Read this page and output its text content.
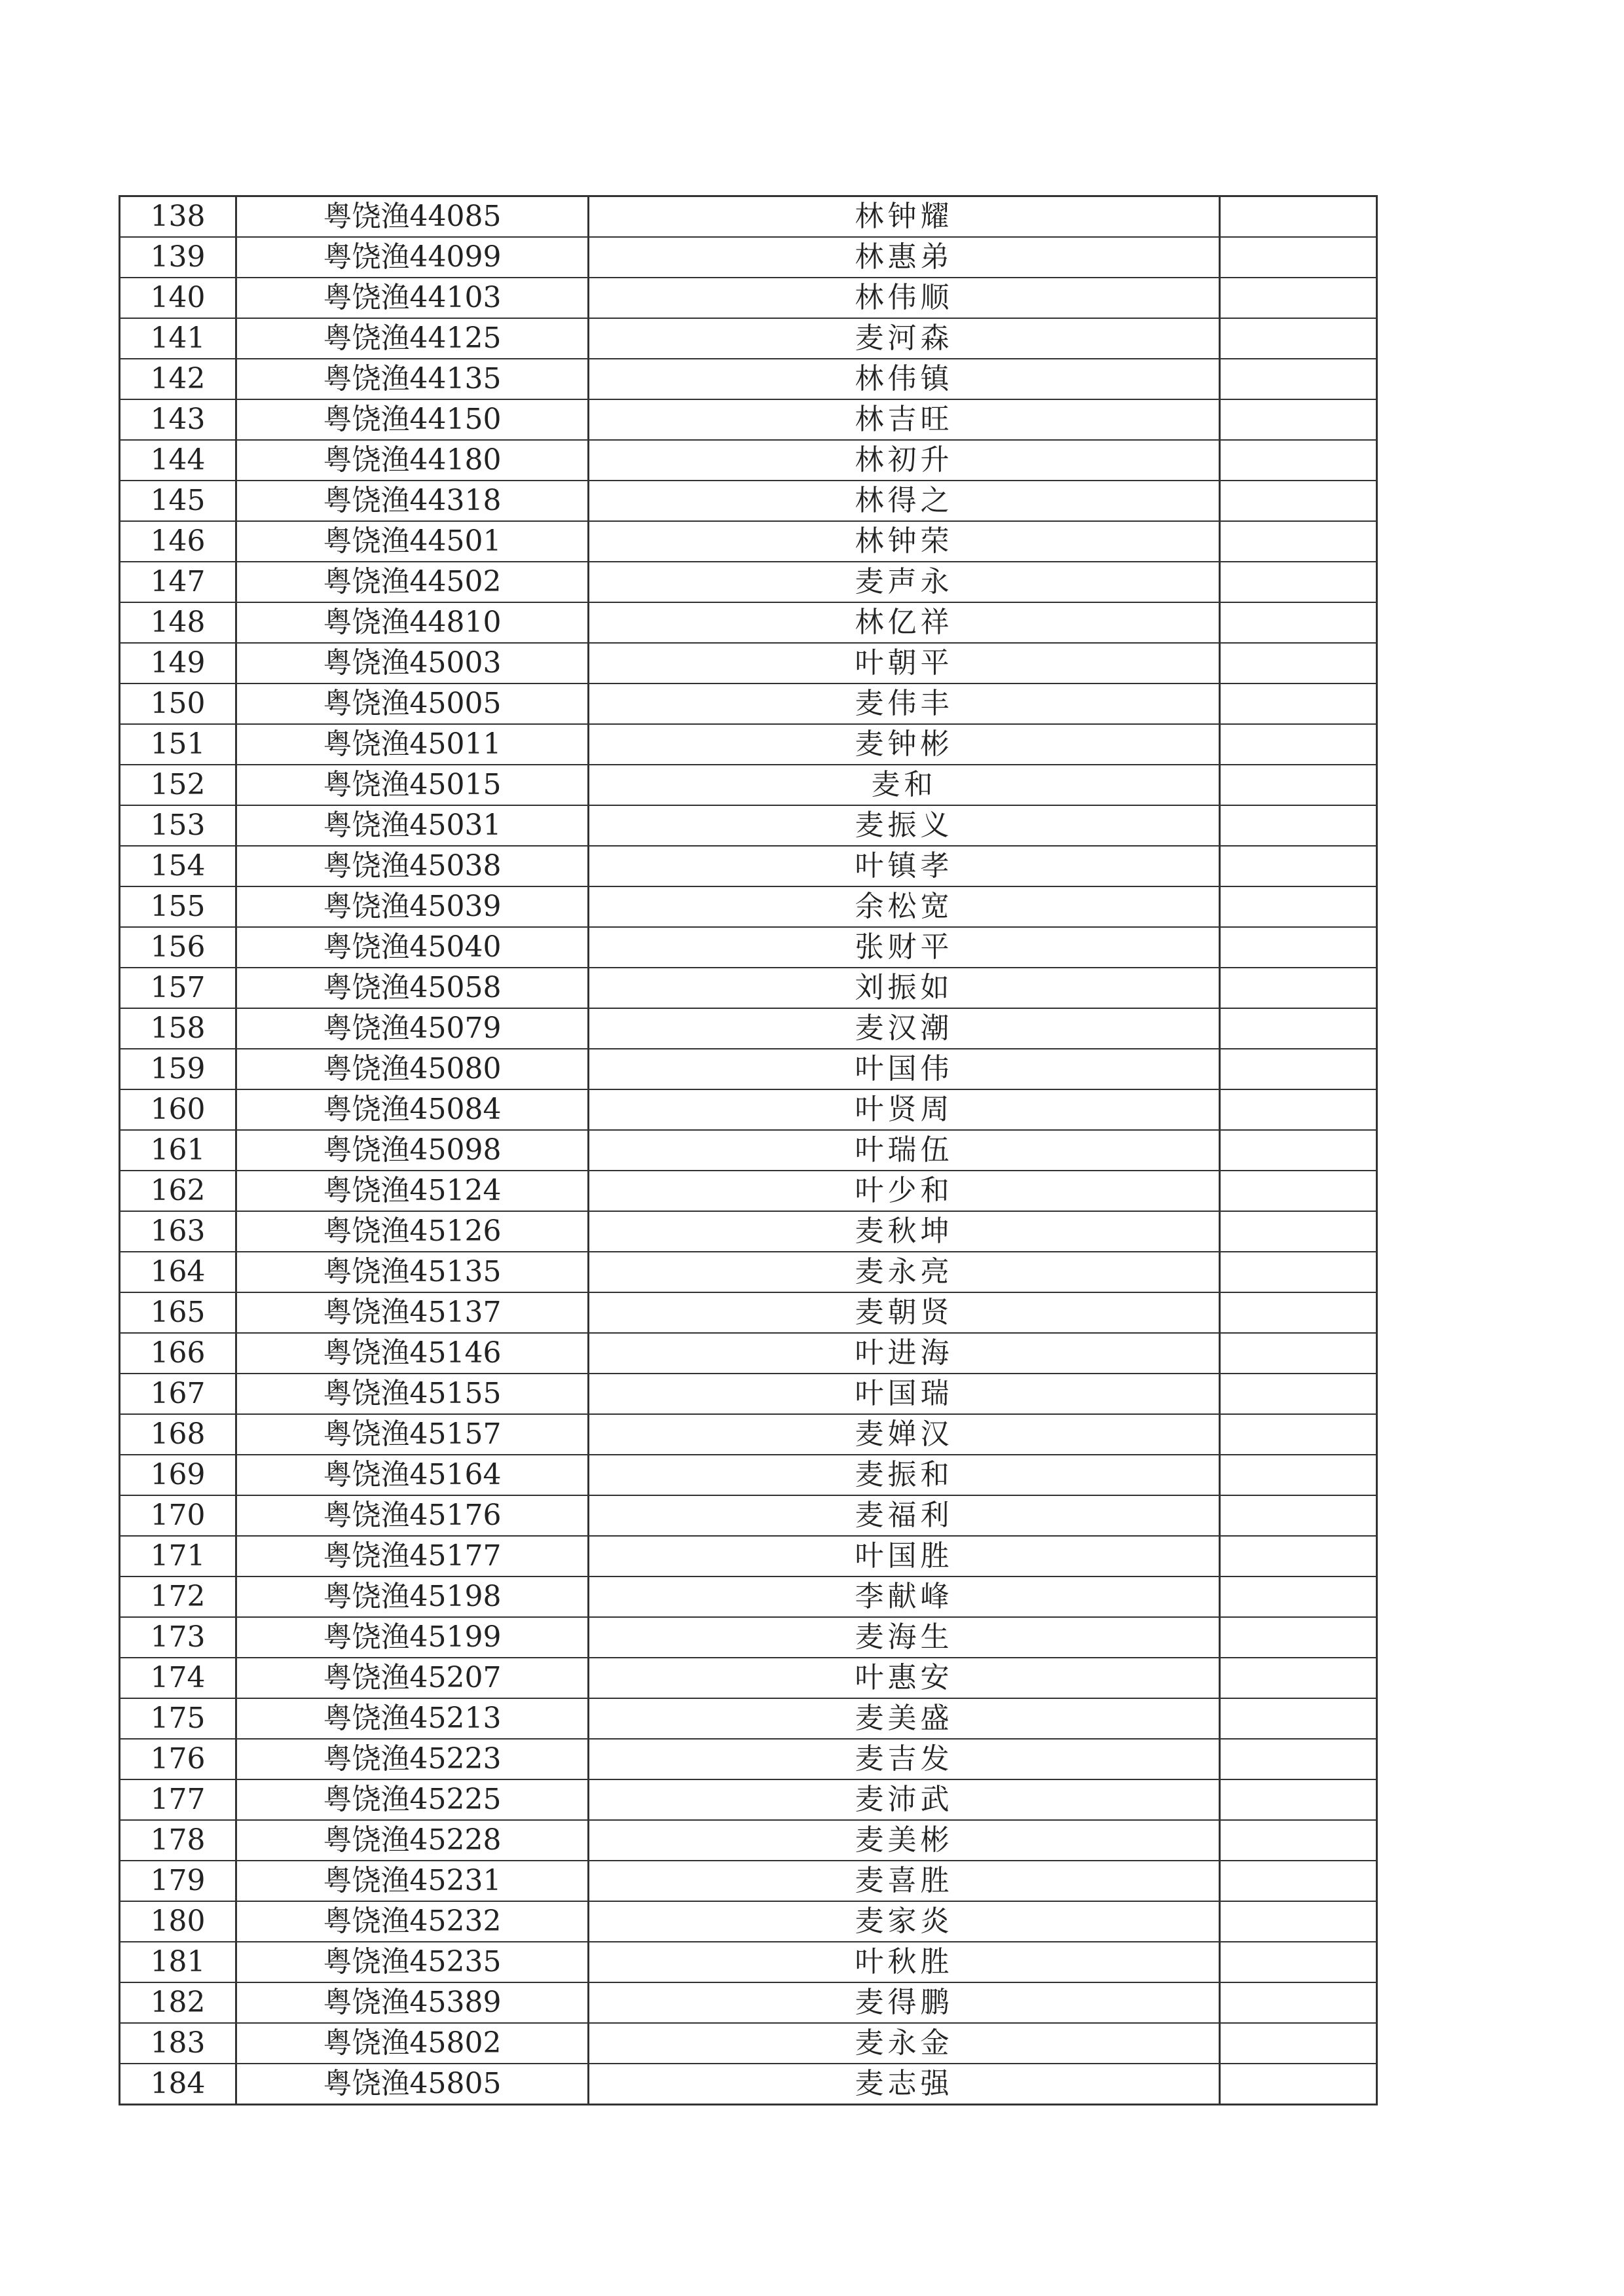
138	粤饶渔44085	林钟耀	
139	粤饶渔44099	林惠弟	
140	粤饶渔44103	林伟顺	
141	粤饶渔44125	麦河森	
142	粤饶渔44135	林伟镇	
143	粤饶渔44150	林吉旺	
144	粤饶渔44180	林初升	
145	粤饶渔44318	林得之	
146	粤饶渔44501	林钟荣	
147	粤饶渔44502	麦声永	
148	粤饶渔44810	林亿祥	
149	粤饶渔45003	叶朝平	
150	粤饶渔45005	麦伟丰	
151	粤饶渔45011	麦钟彬	
152	粤饶渔45015	麦和	
153	粤饶渔45031	麦振义	
154	粤饶渔45038	叶镇孝	
155	粤饶渔45039	余松宽	
156	粤饶渔45040	张财平	
157	粤饶渔45058	刘振如	
158	粤饶渔45079	麦汉潮	
159	粤饶渔45080	叶国伟	
160	粤饶渔45084	叶贤周	
161	粤饶渔45098	叶瑞伍	
162	粤饶渔45124	叶少和	
163	粤饶渔45126	麦秋坤	
164	粤饶渔45135	麦永亮	
165	粤饶渔45137	麦朝贤	
166	粤饶渔45146	叶进海	
167	粤饶渔45155	叶国瑞	
168	粤饶渔45157	麦婵汉	
169	粤饶渔45164	麦振和	
170	粤饶渔45176	麦福利	
171	粤饶渔45177	叶国胜	
172	粤饶渔45198	李献峰	
173	粤饶渔45199	麦海生	
174	粤饶渔45207	叶惠安	
175	粤饶渔45213	麦美盛	
176	粤饶渔45223	麦吉发	
177	粤饶渔45225	麦沛武	
178	粤饶渔45228	麦美彬	
179	粤饶渔45231	麦喜胜	
180	粤饶渔45232	麦家炎	
181	粤饶渔45235	叶秋胜	
182	粤饶渔45389	麦得鹏	
183	粤饶渔45802	麦永金	
184	粤饶渔45805	麦志强	
